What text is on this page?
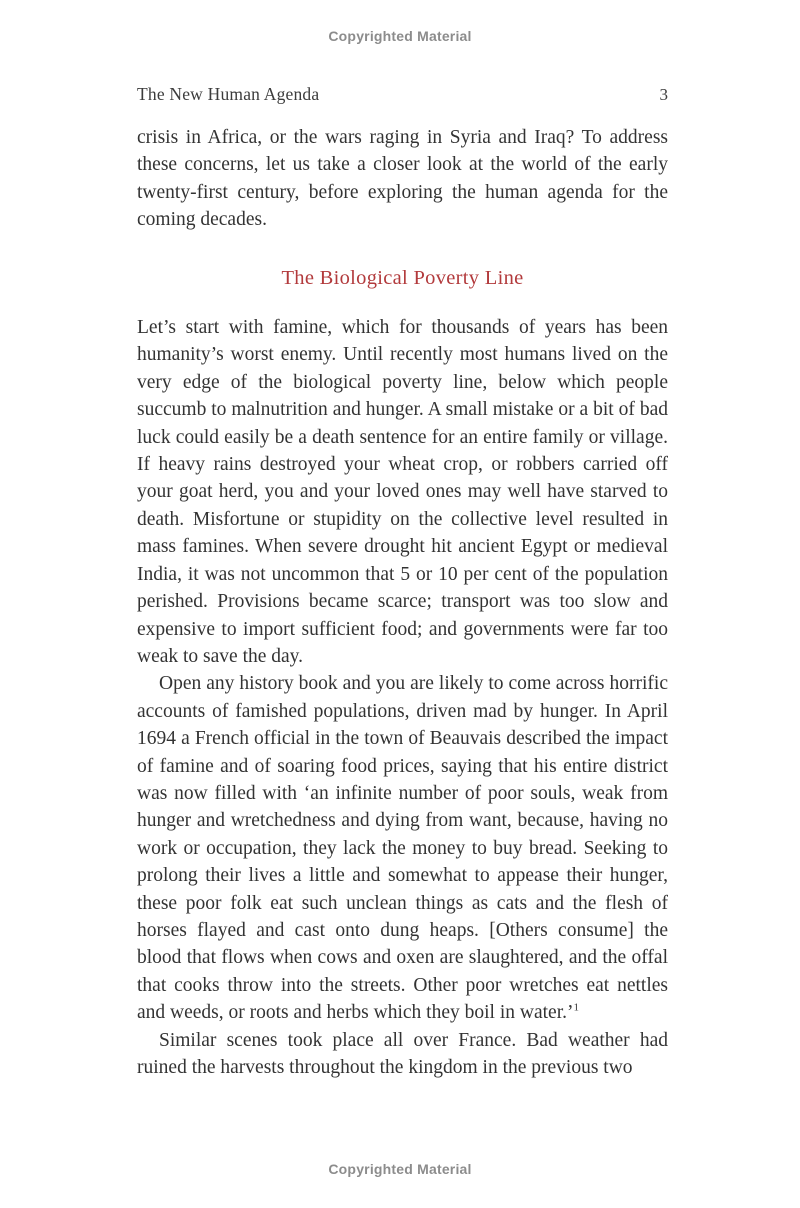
Copyrighted Material
The New Human Agenda	3

crisis in Africa, or the wars raging in Syria and Iraq? To address these concerns, let us take a closer look at the world of the early twenty-first century, before exploring the human agenda for the coming decades.

The Biological Poverty Line

Let’s start with famine, which for thousands of years has been humanity’s worst enemy. Until recently most humans lived on the very edge of the biological poverty line, below which people succumb to malnutrition and hunger. A small mistake or a bit of bad luck could easily be a death sentence for an entire family or village. If heavy rains destroyed your wheat crop, or robbers carried off your goat herd, you and your loved ones may well have starved to death. Misfortune or stupidity on the collective level resulted in mass famines. When severe drought hit ancient Egypt or medieval India, it was not uncommon that 5 or 10 per cent of the population perished. Provisions became scarce; transport was too slow and expensive to import sufficient food; and governments were far too weak to save the day.

Open any history book and you are likely to come across horrific accounts of famished populations, driven mad by hunger. In April 1694 a French official in the town of Beauvais described the impact of famine and of soaring food prices, saying that his entire district was now filled with ‘an infinite number of poor souls, weak from hunger and wretchedness and dying from want, because, having no work or occupation, they lack the money to buy bread. Seeking to prolong their lives a little and somewhat to appease their hunger, these poor folk eat such unclean things as cats and the flesh of horses flayed and cast onto dung heaps. [Others consume] the blood that flows when cows and oxen are slaughtered, and the offal that cooks throw into the streets. Other poor wretches eat nettles and weeds, or roots and herbs which they boil in water.’$^1$

Similar scenes took place all over France. Bad weather had ruined the harvests throughout the kingdom in the previous two

Copyrighted Material
